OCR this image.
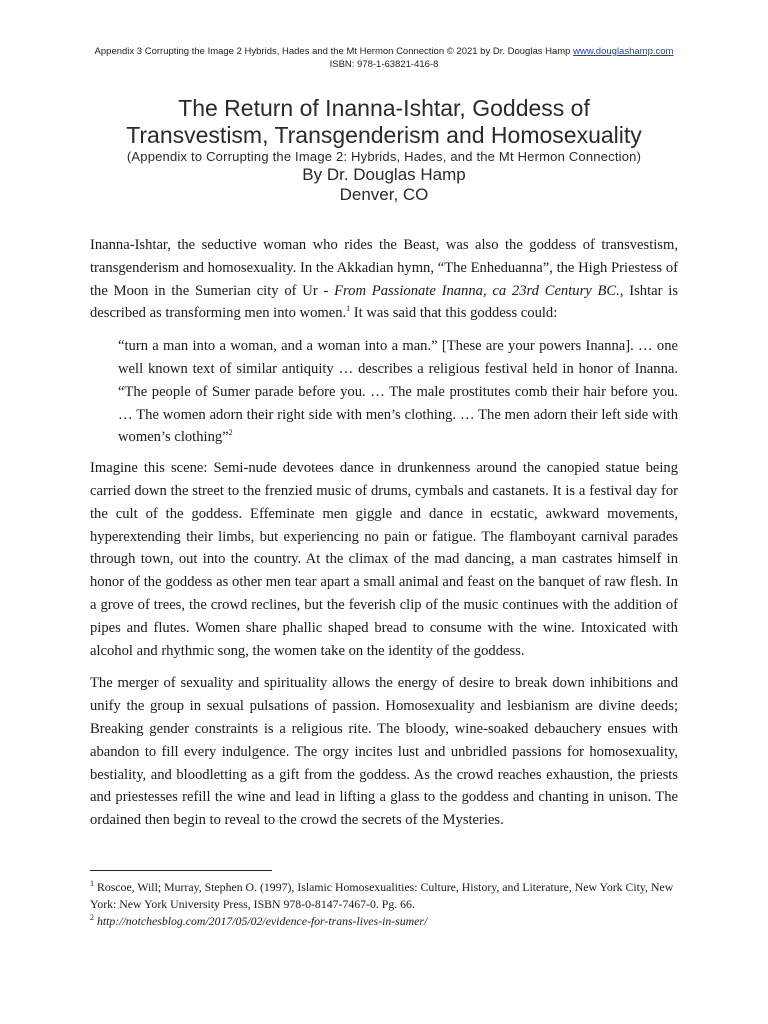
Appendix 3 Corrupting the Image 2 Hybrids, Hades and the Mt Hermon Connection © 2021 by Dr. Douglas Hamp www.douglashamp.com
ISBN: 978-1-63821-416-8

The Return of Inanna-Ishtar, Goddess of

Transvestism, Transgenderism and Homosexuality

(Appendix to Corrupting the Image 2: Hybrids, Hades, and the Mt Hermon Connection)

By Dr. Douglas Hamp

Denver, CO

Inanna-Ishtar, the seductive woman who rides the Beast, was also the goddess of transvestism, transgenderism and homosexuality. In the Akkadian hymn, “The Enheduanna”, the High Priestess of the Moon in the Sumerian city of Ur - From Passionate Inanna, ca 23rd Century BC., Ishtar is described as transforming men into women.$^1$ It was said that this goddess could:

“turn a man into a woman, and a woman into a man.” [These are your powers Inanna]. … one well known text of similar antiquity … describes a religious festival held in honor of Inanna. “The people of Sumer parade before you. … The male prostitutes comb their hair before you. … The women adorn their right side with men’s clothing. … The men adorn their left side with women’s clothing”$^2$

Imagine this scene: Semi-nude devotees dance in drunkenness around the canopied statue being carried down the street to the frenzied music of drums, cymbals and castanets. It is a festival day for the cult of the goddess. Effeminate men giggle and dance in ecstatic, awkward movements, hyperextending their limbs, but experiencing no pain or fatigue. The flamboyant carnival parades through town, out into the country. At the climax of the mad dancing, a man castrates himself in honor of the goddess as other men tear apart a small animal and feast on the banquet of raw flesh. In a grove of trees, the crowd reclines, but the feverish clip of the music continues with the addition of pipes and flutes. Women share phallic shaped bread to consume with the wine. Intoxicated with alcohol and rhythmic song, the women take on the identity of the goddess.

The merger of sexuality and spirituality allows the energy of desire to break down inhibitions and unify the group in sexual pulsations of passion. Homosexuality and lesbianism are divine deeds; Breaking gender constraints is a religious rite. The bloody, wine-soaked debauchery ensues with abandon to fill every indulgence. The orgy incites lust and unbridled passions for homosexuality, bestiality, and bloodletting as a gift from the goddess. As the crowd reaches exhaustion, the priests and priestesses refill the wine and lead in lifting a glass to the goddess and chanting in unison. The ordained then begin to reveal to the crowd the secrets of the Mysteries.

$^1$ Roscoe, Will; Murray, Stephen O. (1997), Islamic Homosexualities: Culture, History, and Literature, New York City, New York: New York University Press, ISBN 978-0-8147-7467-0. Pg. 66.

$^2$ http://notchesblog.com/2017/05/02/evidence-for-trans-lives-in-sumer/
